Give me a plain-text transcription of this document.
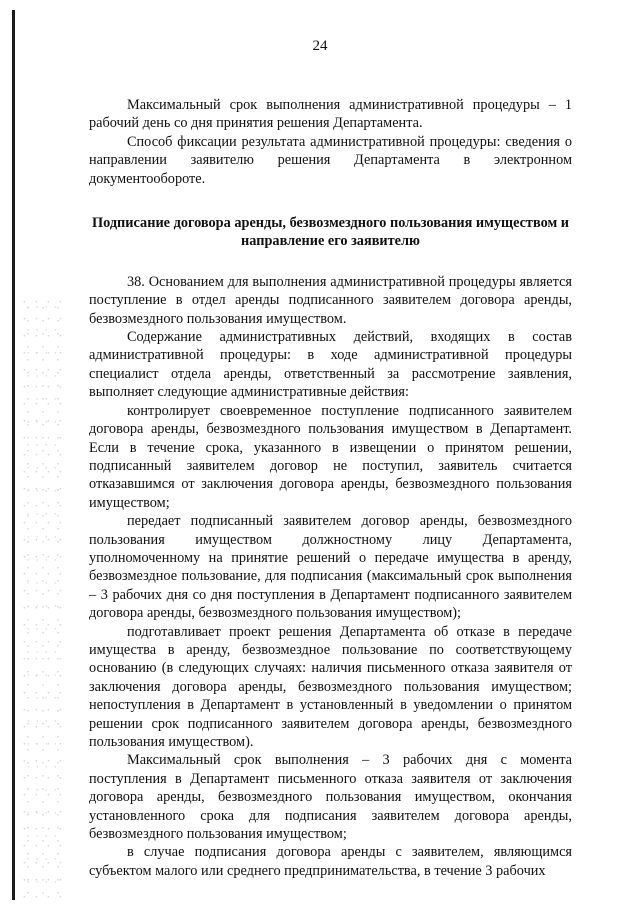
24

Максимальный срок выполнения административной процедуры – 1 рабочий день со дня принятия решения Департамента.

Способ фиксации результата административной процедуры: сведения о направлении заявителю решения Департамента в электронном документообороте.

Подписание договора аренды, безвозмездного пользования имуществом и направление его заявителю

38. Основанием для выполнения административной процедуры является поступление в отдел аренды подписанного заявителем договора аренды, безвозмездного пользования имуществом.

Содержание административных действий, входящих в состав административной процедуры: в ходе административной процедуры специалист отдела аренды, ответственный за рассмотрение заявления, выполняет следующие административные действия:

контролирует своевременное поступление подписанного заявителем договора аренды, безвозмездного пользования имуществом в Департамент. Если в течение срока, указанного в извещении о принятом решении, подписанный заявителем договор не поступил, заявитель считается отказавшимся от заключения договора аренды, безвозмездного пользования имуществом;

передает подписанный заявителем договор аренды, безвозмездного пользования имуществом должностному лицу Департамента, уполномоченному на принятие решений о передаче имущества в аренду, безвозмездное пользование, для подписания (максимальный срок выполнения – 3 рабочих дня со дня поступления в Департамент подписанного заявителем договора аренды, безвозмездного пользования имуществом);

подготавливает проект решения Департамента об отказе в передаче имущества в аренду, безвозмездное пользование по соответствующему основанию (в следующих случаях: наличия письменного отказа заявителя от заключения договора аренды, безвозмездного пользования имуществом; непоступления в Департамент в установленный в уведомлении о принятом решении срок подписанного заявителем договора аренды, безвозмездного пользования имуществом).

Максимальный срок выполнения – 3 рабочих дня с момента поступления в Департамент письменного отказа заявителя от заключения договора аренды, безвозмездного пользования имуществом, окончания установленного срока для подписания заявителем договора аренды, безвозмездного пользования имуществом;

в случае подписания договора аренды с заявителем, являющимся субъектом малого или среднего предпринимательства, в течение 3 рабочих
